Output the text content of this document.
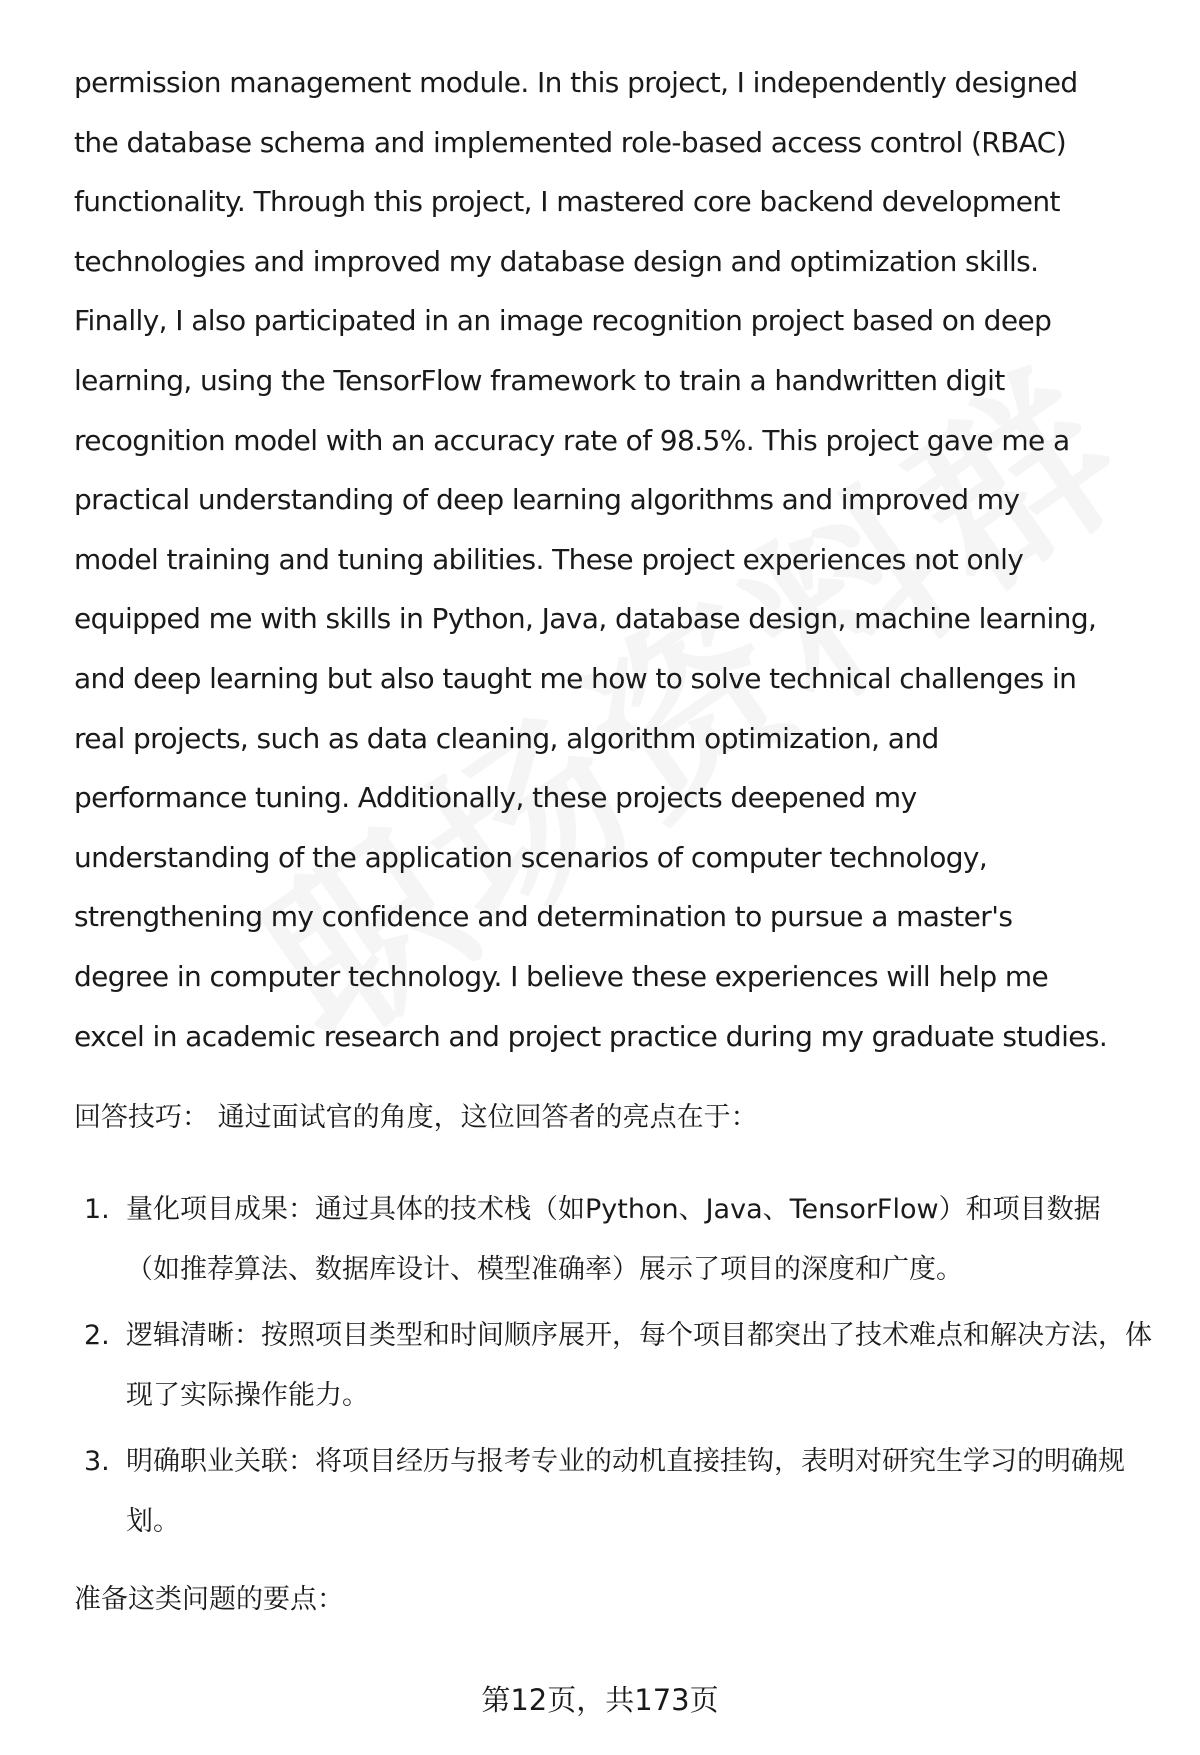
permission management module. In this project, I independently designed
the database schema and implemented role-based access control (RBAC)
functionality. Through this project, I mastered core backend development
technologies and improved my database design and optimization skills.
Finally, I also participated in an image recognition project based on deep
learning, using the TensorFlow framework to train a handwritten digit
recognition model with an accuracy rate of 98.5%. This project gave me a
practical understanding of deep learning algorithms and improved my
model training and tuning abilities. These project experiences not only
equipped me with skills in Python, Java, database design, machine learning,
and deep learning but also taught me how to solve technical challenges in
real projects, such as data cleaning, algorithm optimization, and
performance tuning. Additionally, these projects deepened my
understanding of the application scenarios of computer technology,
strengthening my confidence and determination to pursue a master's
degree in computer technology. I believe these experiences will help me
excel in academic research and project practice during my graduate studies.

回答技巧： 通过面试官的角度，这位回答者的亮点在于：

1. 量化项目成果：通过具体的技术栈（如Python、Java、TensorFlow）和项目数据（如推荐算法、数据库设计、模型准确率）展示了项目的深度和广度。
2. 逻辑清晰：按照项目类型和时间顺序展开，每个项目都突出了技术难点和解决方法，体现了实际操作能力。
3. 明确职业关联：将项目经历与报考专业的动机直接挂钩，表明对研究生学习的明确规划。

准备这类问题的要点：

第12页，共173页
